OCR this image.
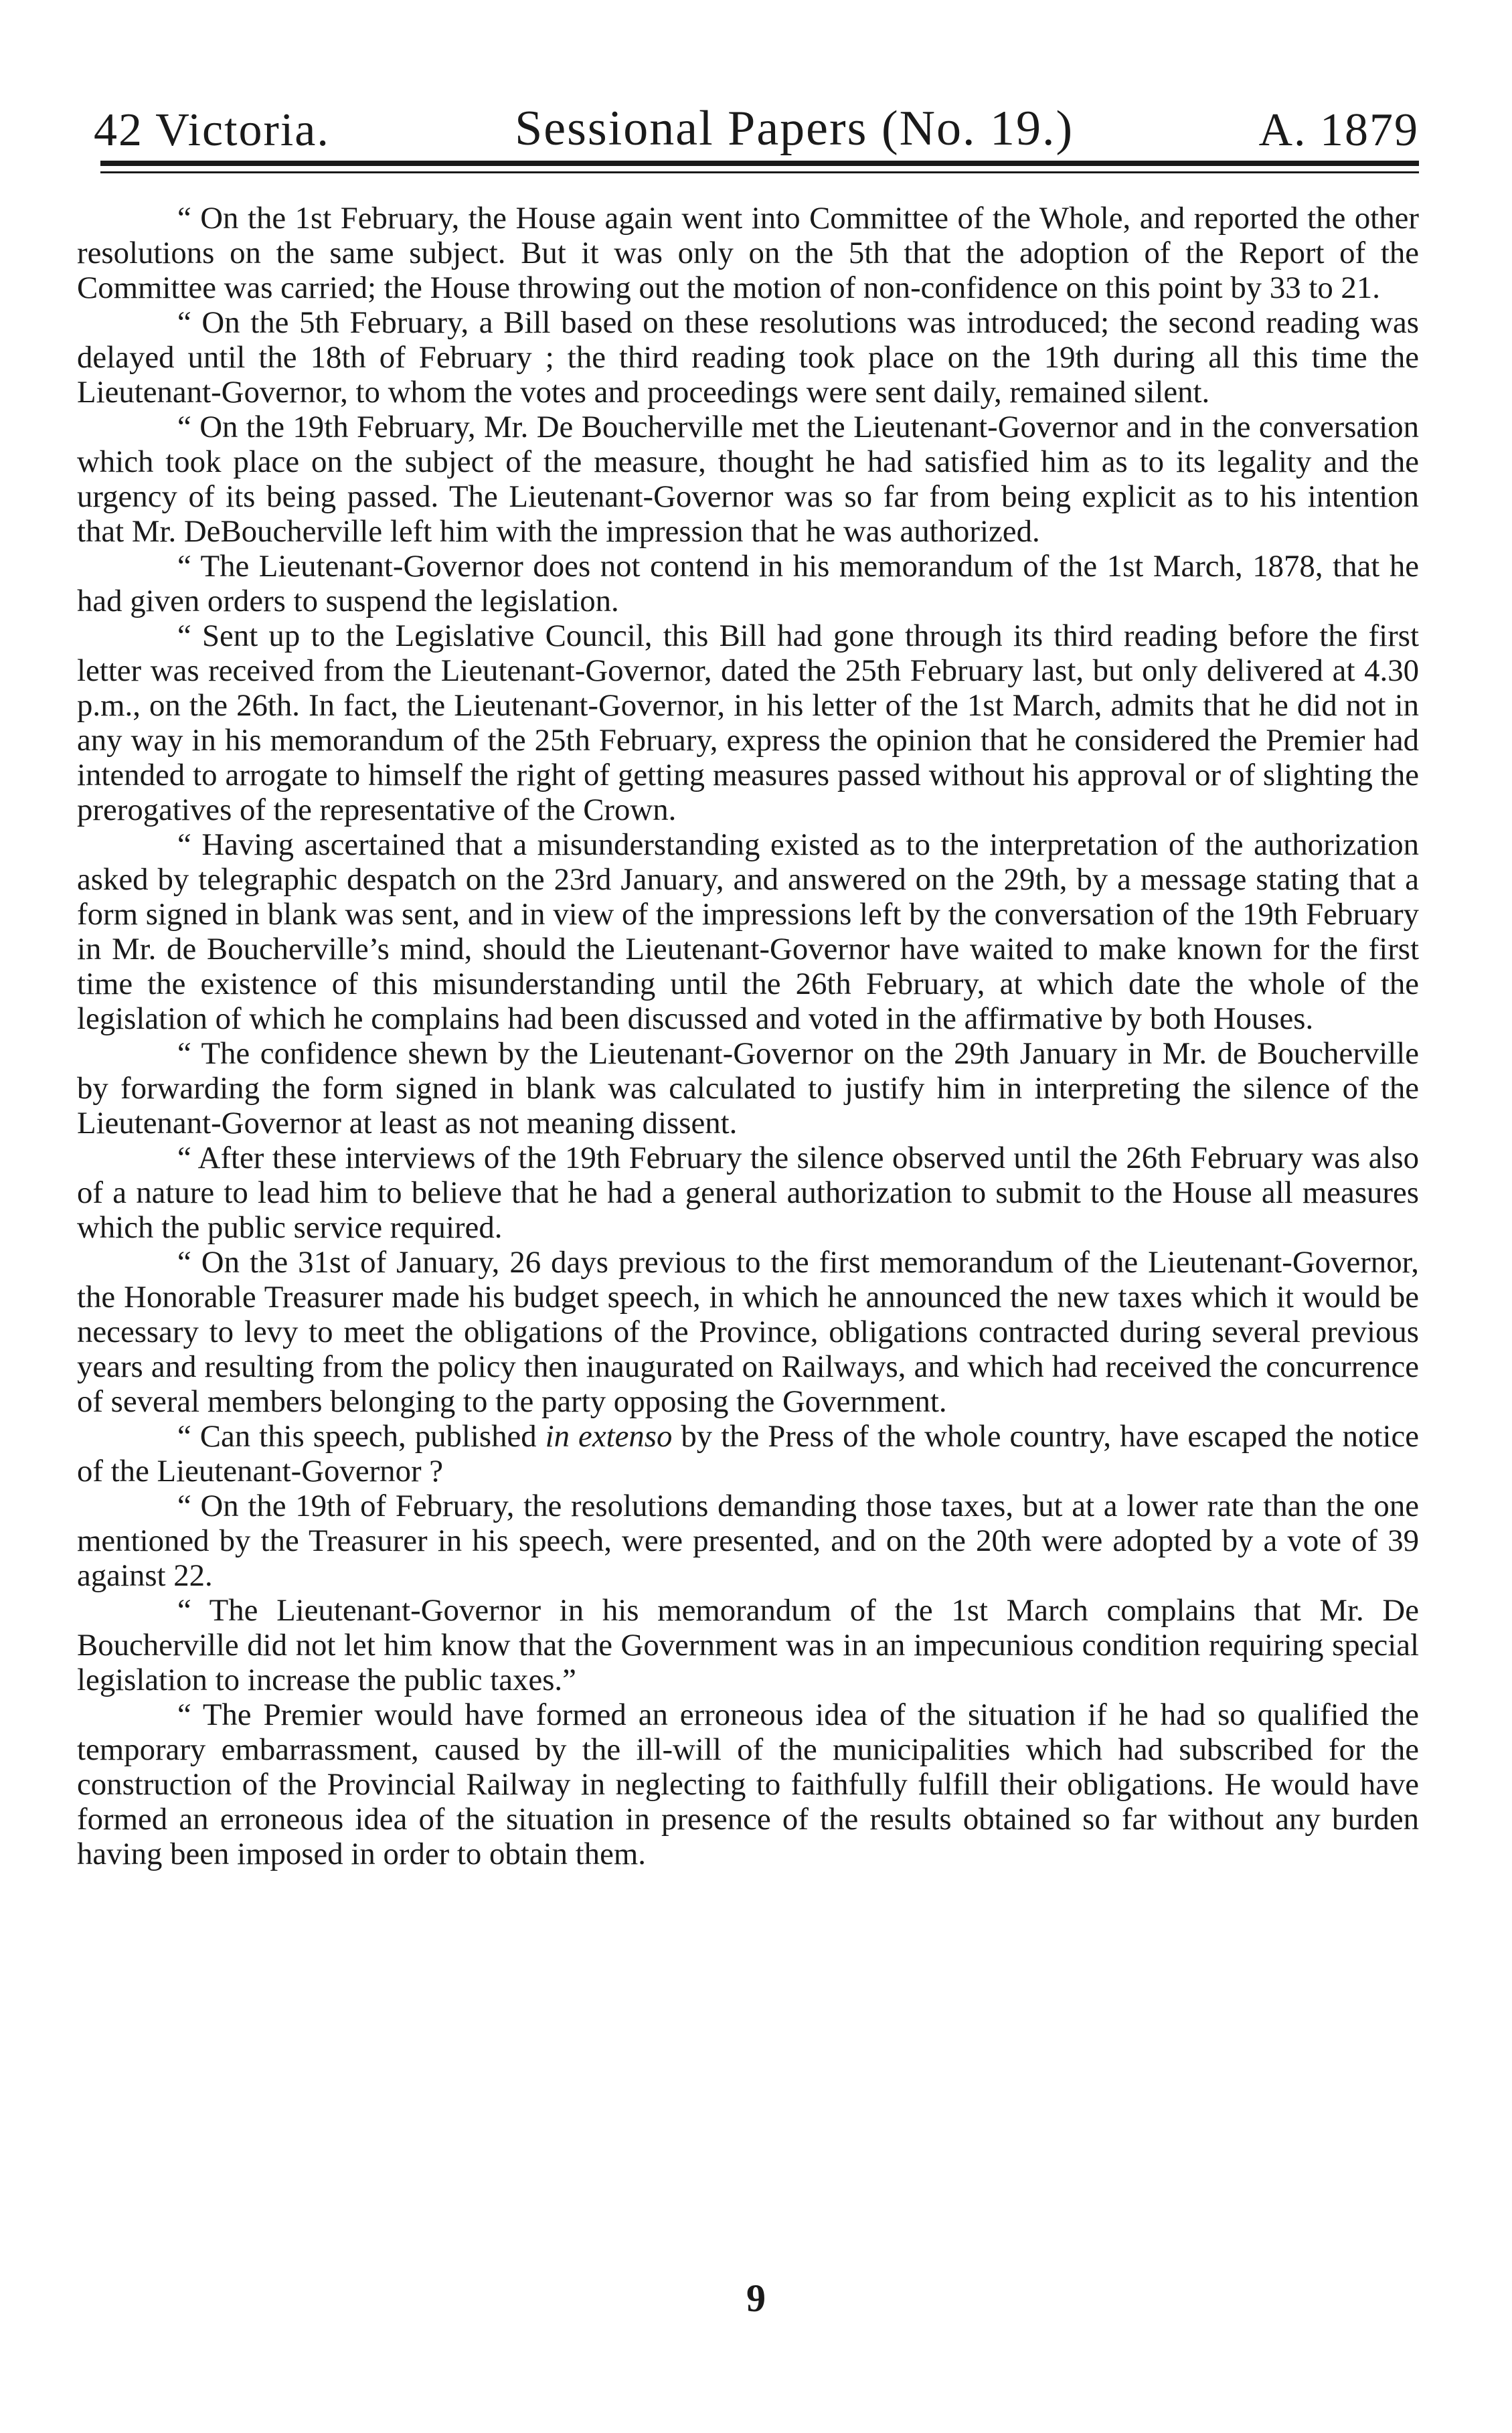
42 Victoria.	Sessional Papers (No. 19.)	A. 1879

“ On the 1st February, the House again went into Committee of the Whole, and reported the other resolutions on the same subject. But it was only on the 5th that the adoption of the Report of the Committee was carried; the House throwing out the motion of non-confidence on this point by 33 to 21.

“ On the 5th February, a Bill based on these resolutions was introduced; the second reading was delayed until the 18th of February ; the third reading took place on the 19th during all this time the Lieutenant-Governor, to whom the votes and proceedings were sent daily, remained silent.

“ On the 19th February, Mr. De Boucherville met the Lieutenant-Governor and in the conversation which took place on the subject of the measure, thought he had satisfied him as to its legality and the urgency of its being passed. The Lieutenant-Governor was so far from being explicit as to his intention that Mr. DeBoucherville left him with the impression that he was authorized.

“ The Lieutenant-Governor does not contend in his memorandum of the 1st March, 1878, that he had given orders to suspend the legislation.

“ Sent up to the Legislative Council, this Bill had gone through its third reading before the first letter was received from the Lieutenant-Governor, dated the 25th February last, but only delivered at 4.30 p.m., on the 26th. In fact, the Lieutenant-Governor, in his letter of the 1st March, admits that he did not in any way in his memorandum of the 25th February, express the opinion that he considered the Premier had intended to arrogate to himself the right of getting measures passed without his approval or of slighting the prerogatives of the representative of the Crown.

“ Having ascertained that a misunderstanding existed as to the interpretation of the authorization asked by telegraphic despatch on the 23rd January, and answered on the 29th, by a message stating that a form signed in blank was sent, and in view of the impressions left by the conversation of the 19th February in Mr. de Boucherville’s mind, should the Lieutenant-Governor have waited to make known for the first time the existence of this misunderstanding until the 26th February, at which date the whole of the legislation of which he complains had been discussed and voted in the affirmative by both Houses.

“ The confidence shewn by the Lieutenant-Governor on the 29th January in Mr. de Boucherville by forwarding the form signed in blank was calculated to justify him in interpreting the silence of the Lieutenant-Governor at least as not meaning dissent.

“ After these interviews of the 19th February the silence observed until the 26th February was also of a nature to lead him to believe that he had a general authorization to submit to the House all measures which the public service required.

“ On the 31st of January, 26 days previous to the first memorandum of the Lieutenant-Governor, the Honorable Treasurer made his budget speech, in which he announced the new taxes which it would be necessary to levy to meet the obligations of the Province, obligations contracted during several previous years and resulting from the policy then inaugurated on Railways, and which had received the concurrence of several members belonging to the party opposing the Government.

“ Can this speech, published in extenso by the Press of the whole country, have escaped the notice of the Lieutenant-Governor ?

“ On the 19th of February, the resolutions demanding those taxes, but at a lower rate than the one mentioned by the Treasurer in his speech, were presented, and on the 20th were adopted by a vote of 39 against 22.

“ The Lieutenant-Governor in his memorandum of the 1st March complains that Mr. De Boucherville did not let him know that the Government was in an impecunious condition requiring special legislation to increase the public taxes.”

“ The Premier would have formed an erroneous idea of the situation if he had so qualified the temporary embarrassment, caused by the ill-will of the municipalities which had subscribed for the construction of the Provincial Railway in neglecting to faithfully fulfill their obligations. He would have formed an erroneous idea of the situation in presence of the results obtained so far without any burden having been imposed in order to obtain them.

9
